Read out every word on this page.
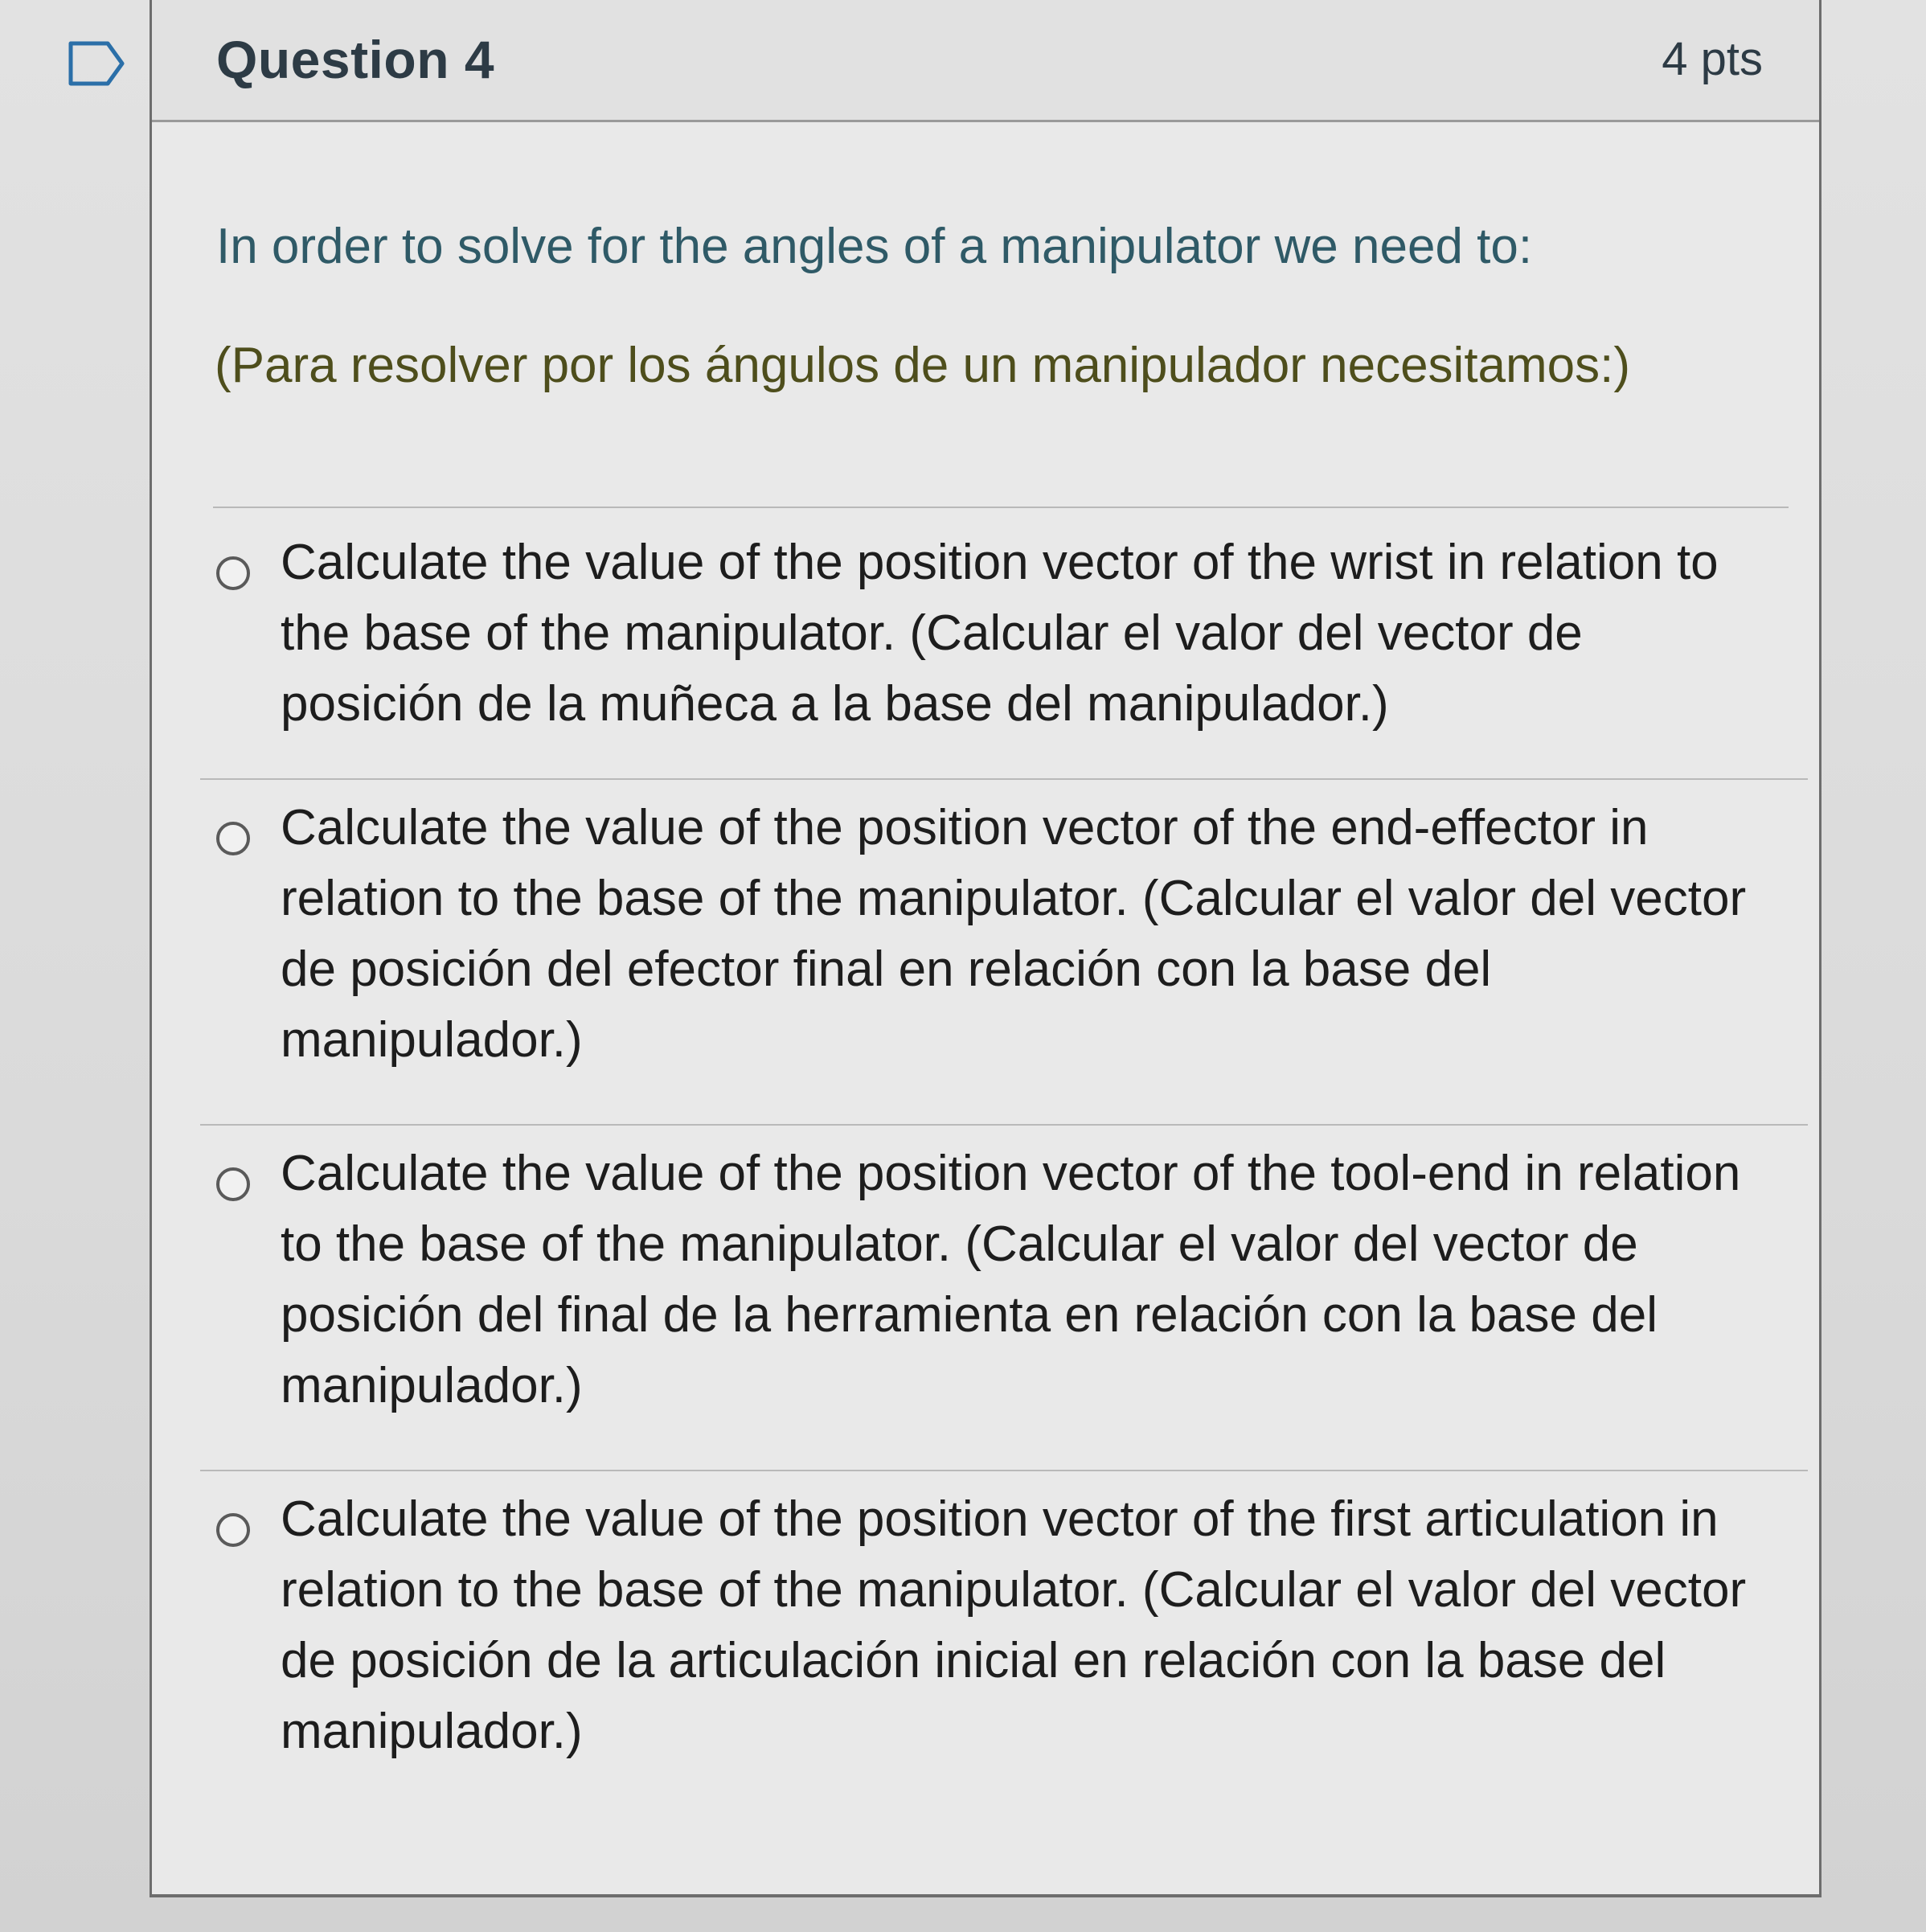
Question 4	4 pts
In order to solve for the angles of a manipulator we need to:
(Para resolver por los ángulos de un manipulador necesitamos:)
Calculate the value of the position vector of the wrist in relation to the base of the manipulator. (Calcular el valor del vector de posición de la muñeca a la base del manipulador.)
Calculate the value of the position vector of the end-effector in relation to the base of the manipulator. (Calcular el valor del vector de posición del efector final en relación con la base del manipulador.)
Calculate the value of the position vector of the tool-end in relation to the base of the manipulator. (Calcular el valor del vector de posición del final de la herramienta en relación con la base del manipulador.)
Calculate the value of the position vector of the first articulation in relation to the base of the manipulator. (Calcular el valor del vector de posición de la articulación inicial en relación con la base del manipulador.)
